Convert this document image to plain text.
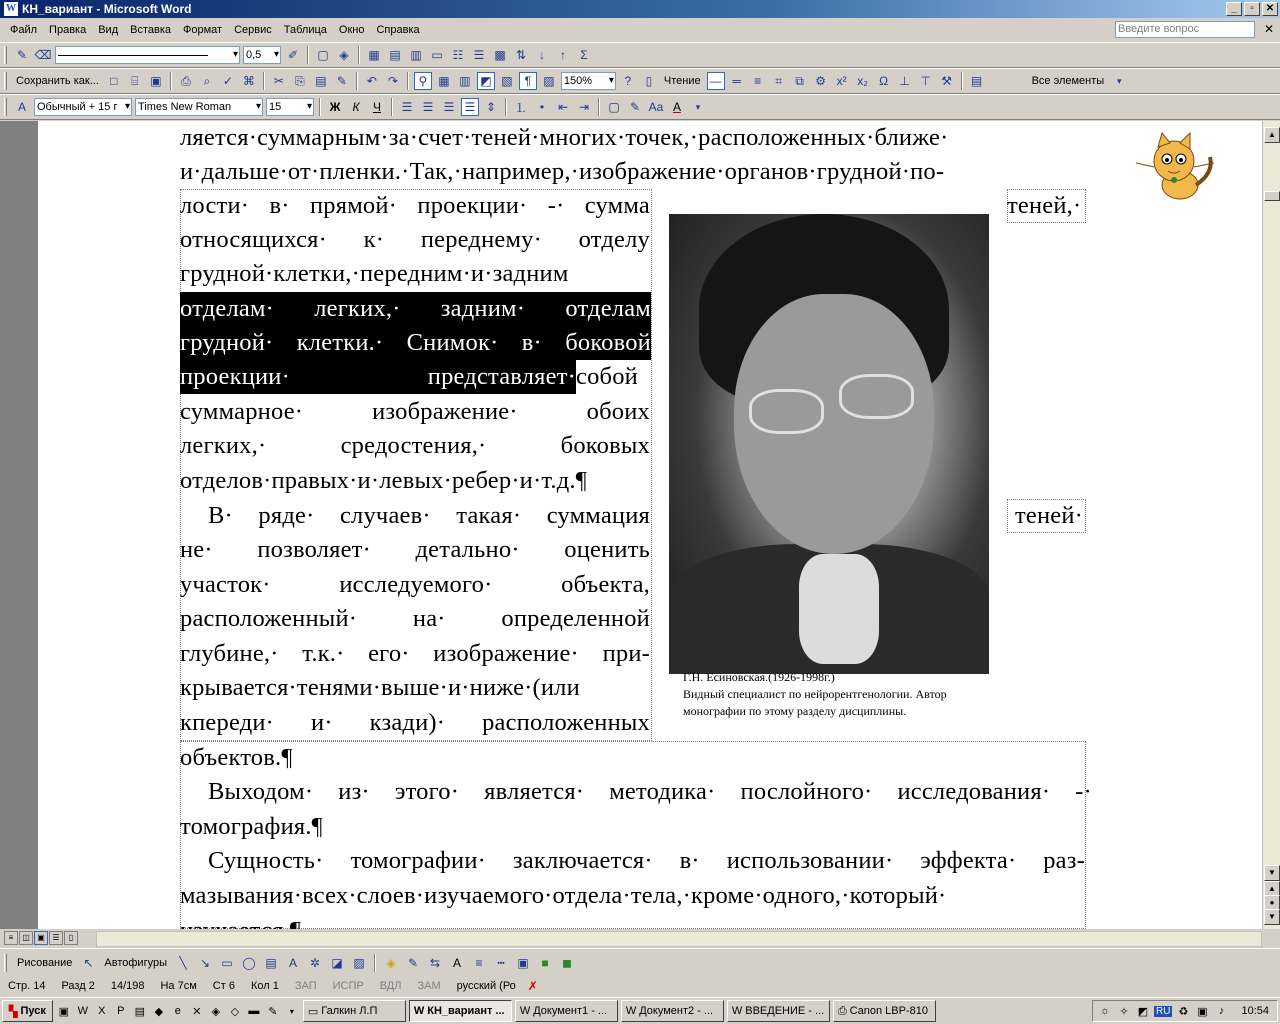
W КН_вариант - Microsoft Word	_	▫	✕
Файл	Правка	Вид	Вставка	Формат	Сервис	Таблица	Окно	Справка	Введите вопрос	✕
✎ ⌫
▾	0,5 ▾	✐	▢ ◈	▦ ▤ ▥ ▭ ☷ ☰ ▩ ⇅	↓	↑	Σ
Сохранить как... □	⌸ ▣	⎙	⌕	✓ ⌘	✂ ⎘ ▤ ✎	↶ ↷	⚲ ▦ ▥ ◩ ▧	¶	▨ 150% ▾	?	▯	Чтение — ═	≡	⌗	⧉ ⚙ x² x₂ Ω ⊥ ⊤ ⚒	▤	Все элементы	▾
A	Обычный + 15 г ▾	Times New Roman ▾	15 ▾	Ж	К	Ч	☰ ☰ ☰ ☰ ⇕	⒈	•	⇤ ⇥	▢ ✎ Aa A	▾
ляется·суммарным·за·счет·теней·многих·точек,·расположенных·ближе·
и·дальше·от·пленки.·Так,·например,·изображение·органов·грудной·по-
лости· в· прямой· проекции· -· сумма	теней,·
относящихся· к· переднему· отделу
грудной·клетки,·передним·и·задним
отделам· легких,· задним· отделам
грудной· клетки.· Снимок· в· боковой
проекции· представляет· собой
суммарное· изображение· обоих
легких,· средостения,· боковых
отделов·правых·и·левых·ребер·и·т.д.¶
В· ряде· случаев· такая· суммация	теней·
не· позволяет· детально· оценить
участок· исследуемого· объекта,
расположенный· на· определенной
глубине,· т.к.· его· изображение· при-
крывается·тенями·выше·и·ниже·(или
кпереди· и· кзади)· расположенных
объектов.¶
Выходом· из· этого· является· методика· послойного· исследования· -·
томография.¶
Сущность· томографии· заключается· в· использовании· эффекта· раз-
мазывания·всех·слоев·изучаемого·отдела·тела,·кроме·одного,·который·
Г.Н. Есиновская.(1926-1998г.)
Видный специалист по нейрорентгенологии. Автор
монографии по этому разделу дисциплины.
▲
▼
▲
●
▼
≡	◫ ▣ ☰	▯
Рисование ↖ Автофигуры	╲	↘ ▭ ◯ ▤	A	✲ ◪ ▨	◈	✎ ⇆	A	≡	┅	▣	■	◼
Стр. 14	Разд 2	14/198	На 7см	Ст 6	Кол 1	ЗАП	ИСПР	ВДЛ	ЗАМ	русский (Ро ✗
▚ Пуск ▣ W X	P ▤ ◆	e	✕ ◈ ◇ ▬ ✎	▾	▭ Галкин Л.П	W КН_вариант ... W Документ1 - ... W Документ2 - ... W ВВЕДЕНИЕ - ... ⎙ Canon LBP-810	☼ ✧ ◩ RU ♻ ▣	♪	10:54
